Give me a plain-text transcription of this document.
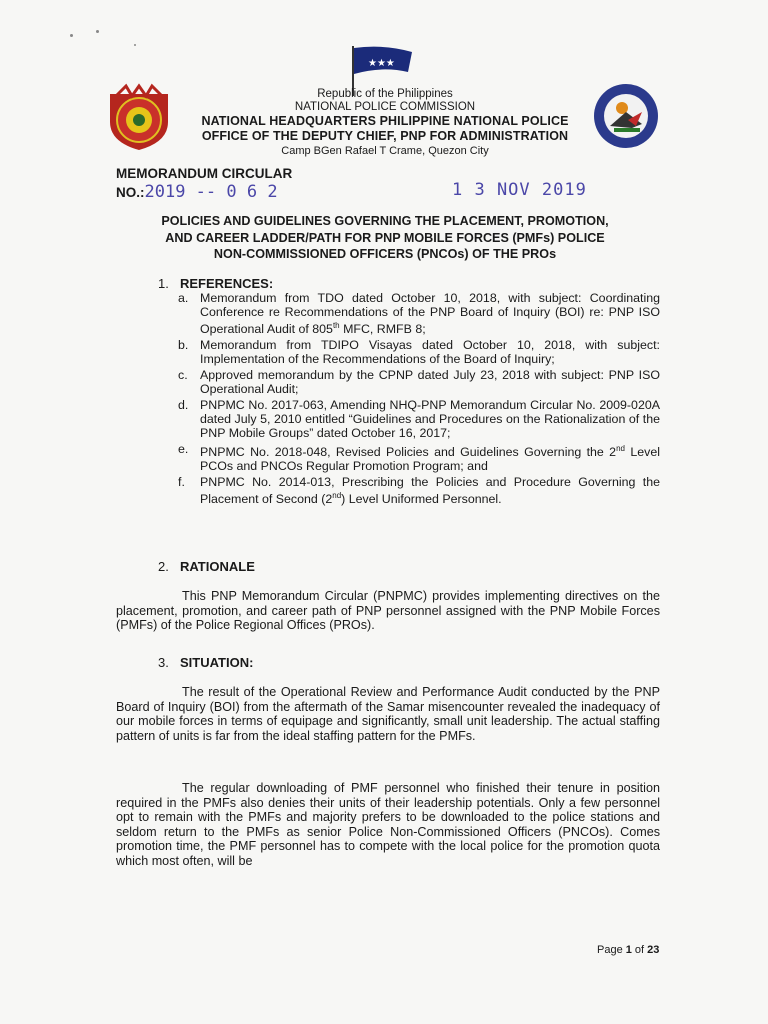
★★★
Republic of the Philippines
NATIONAL POLICE COMMISSION
NATIONAL HEADQUARTERS PHILIPPINE NATIONAL POLICE
OFFICE OF THE DEPUTY CHIEF, PNP FOR ADMINISTRATION
Camp BGen Rafael T Crame, Quezon City
MEMORANDUM CIRCULAR
NO.:2019 -- 0 6 2	1 3 NOV 2019
POLICIES AND GUIDELINES GOVERNING THE PLACEMENT, PROMOTION,
AND CAREER LADDER/PATH FOR PNP MOBILE FORCES (PMFs) POLICE
NON-COMMISSIONED OFFICERS (PNCOs) OF THE PROs
1. REFERENCES:
a. Memorandum from TDO dated October 10, 2018, with subject: Coordinating Conference re Recommendations of the PNP Board of Inquiry (BOI) re: PNP ISO Operational Audit of 805th MFC, RMFB 8;
b. Memorandum from TDIPO Visayas dated October 10, 2018, with subject: Implementation of the Recommendations of the Board of Inquiry;
c. Approved memorandum by the CPNP dated July 23, 2018 with subject: PNP ISO Operational Audit;
d. PNPMC No. 2017-063, Amending NHQ-PNP Memorandum Circular No. 2009-020A dated July 5, 2010 entitled “Guidelines and Procedures on the Rationalization of the PNP Mobile Groups” dated October 16, 2017;
e. PNPMC No. 2018-048, Revised Policies and Guidelines Governing the 2nd Level PCOs and PNCOs Regular Promotion Program; and
f. PNPMC No. 2014-013, Prescribing the Policies and Procedure Governing the Placement of Second (2nd) Level Uniformed Personnel.
2. RATIONALE

This PNP Memorandum Circular (PNPMC) provides implementing directives on the placement, promotion, and career path of PNP personnel assigned with the PNP Mobile Forces (PMFs) of the Police Regional Offices (PROs).

3. SITUATION:

The result of the Operational Review and Performance Audit conducted by the PNP Board of Inquiry (BOI) from the aftermath of the Samar misencounter revealed the inadequacy of our mobile forces in terms of equipage and significantly, small unit leadership. The actual staffing pattern of units is far from the ideal staffing pattern for the PMFs.

The regular downloading of PMF personnel who finished their tenure in position required in the PMFs also denies their units of their leadership potentials. Only a few personnel opt to remain with the PMFs and majority prefers to be downloaded to the police stations and seldom return to the PMFs as senior Police Non-Commissioned Officers (PNCOs). Comes promotion time, the PMF personnel has to compete with the local police for the promotion quota which most often, will be

Page 1 of 23
